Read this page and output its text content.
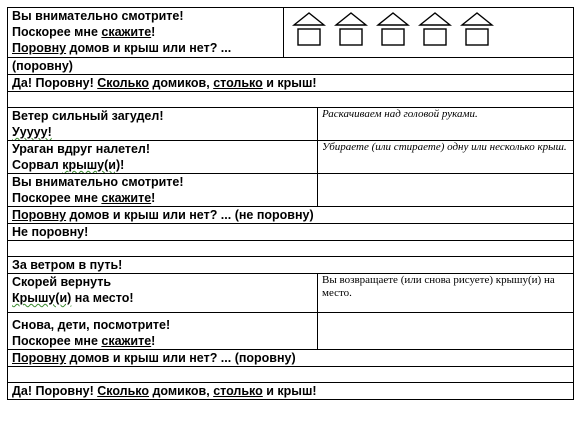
Вы внимательно смотрите!
Поскорее мне скажите!
Поровну домов и крыш или нет? ...

(поровну)		
Да! Поровну! Сколько домиков, столько и крыш!		

Ветер сильный загудел!
Ууууу!		Раскачиваем над головой руками.

Ураган вдруг налетел!
Сорвал крышу(и)!		Убираете (или стираете) одну или несколько крыш.

Вы внимательно смотрите!
Поскорее мне скажите!		

Поровну домов и крыш или нет? ... (не поровну)		
Не поровну!		

За ветром в путь!		

Скорей вернуть
Крышу(и) на место!		Вы возвращаете (или снова рисуете) крышу(и) на место.

Снова, дети, посмотрите!
Поскорее мне скажите!		

Поровну домов и крыш или нет? ... (поровну)		

Да! Поровну! Сколько домиков, столько и крыш!		
